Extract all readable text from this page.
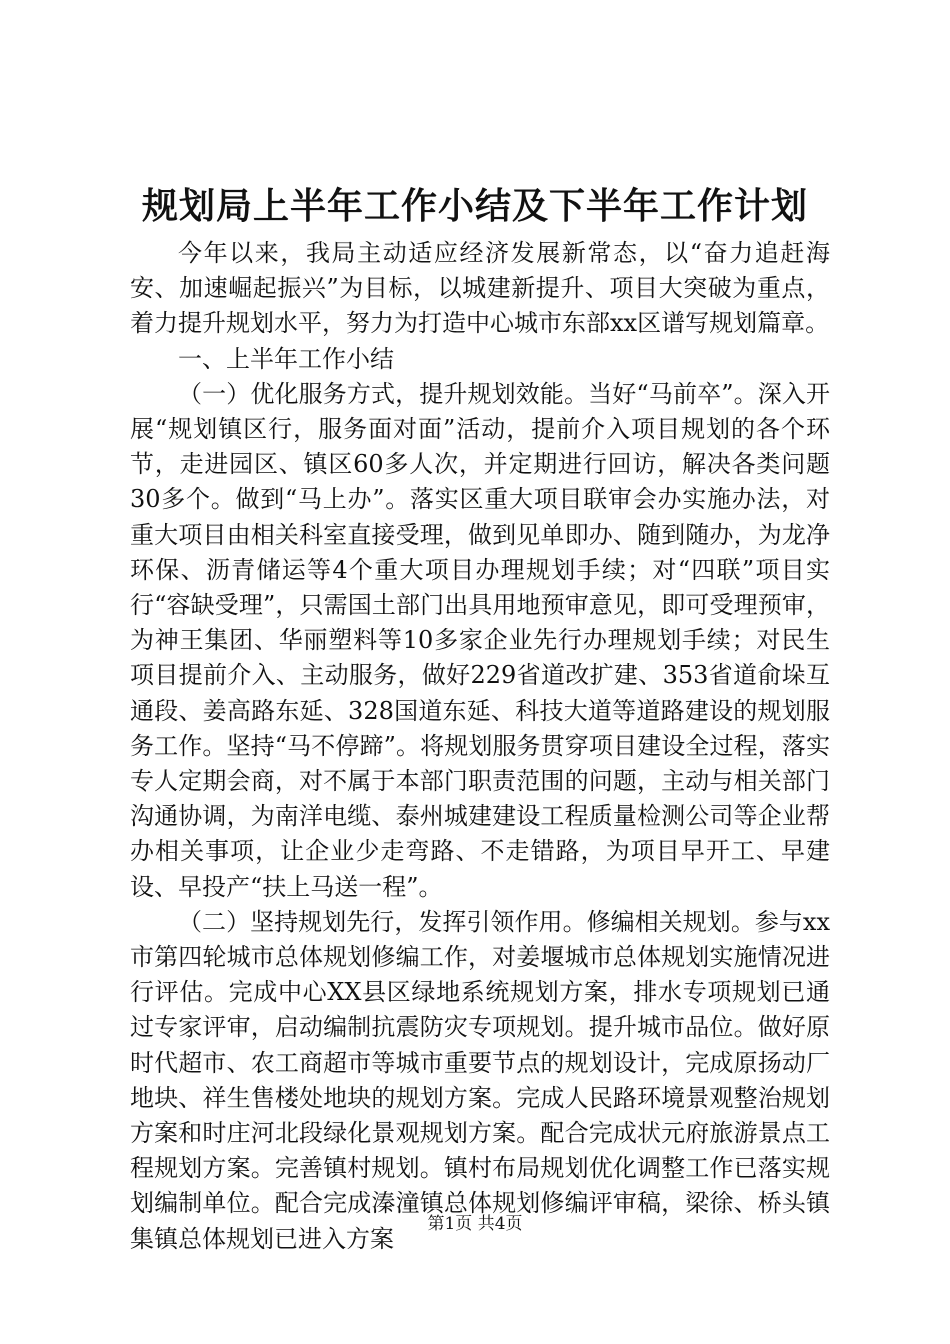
规划局上半年工作小结及下半年工作计划

今年以来，我局主动适应经济发展新常态，以“奋力追赶海安、加速崛起振兴”为目标，以城建新提升、项目大突破为重点，着力提升规划水平，努力为打造中心城市东部xx区谱写规划篇章。

一、上半年工作小结

（一）优化服务方式，提升规划效能。当好“马前卒”。深入开展“规划镇区行，服务面对面”活动，提前介入项目规划的各个环节，走进园区、镇区60多人次，并定期进行回访，解决各类问题30多个。做到“马上办”。落实区重大项目联审会办实施办法，对重大项目由相关科室直接受理，做到见单即办、随到随办，为龙净环保、沥青储运等4个重大项目办理规划手续；对“四联”项目实行“容缺受理”，只需国土部门出具用地预审意见，即可受理预审，为神王集团、华丽塑料等10多家企业先行办理规划手续；对民生项目提前介入、主动服务，做好229省道改扩建、353省道俞垛互通段、姜高路东延、328国道东延、科技大道等道路建设的规划服务工作。坚持“马不停蹄”。将规划服务贯穿项目建设全过程，落实专人定期会商，对不属于本部门职责范围的问题，主动与相关部门沟通协调，为南洋电缆、泰州城建建设工程质量检测公司等企业帮办相关事项，让企业少走弯路、不走错路，为项目早开工、早建设、早投产“扶上马送一程”。

（二）坚持规划先行，发挥引领作用。修编相关规划。参与xx市第四轮城市总体规划修编工作，对姜堰城市总体规划实施情况进行评估。完成中心XX县区绿地系统规划方案，排水专项规划已通过专家评审，启动编制抗震防灾专项规划。提升城市品位。做好原时代超市、农工商超市等城市重要节点的规划设计，完成原扬动厂地块、祥生售楼处地块的规划方案。完成人民路环境景观整治规划方案和时庄河北段绿化景观规划方案。配合完成状元府旅游景点工程规划方案。完善镇村规划。镇村布局规划优化调整工作已落实规划编制单位。配合完成溱潼镇总体规划修编评审稿，梁徐、桥头镇集镇总体规划已进入方案

第1页 共4页
